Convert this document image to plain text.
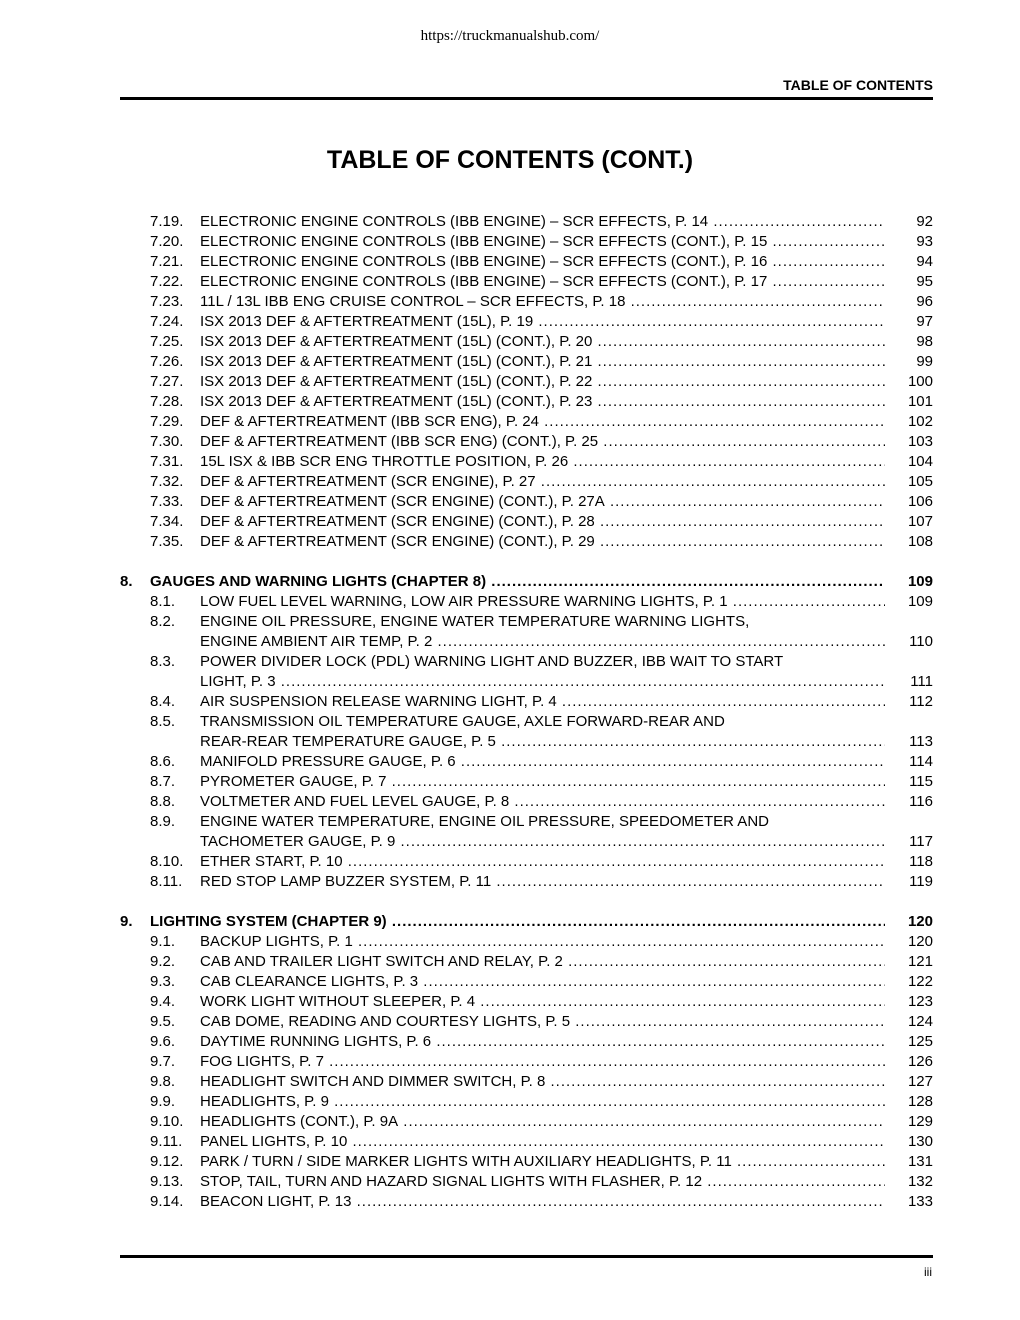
https://truckmanualshub.com/
TABLE OF CONTENTS
TABLE OF CONTENTS (CONT.)
7.19. ELECTRONIC ENGINE CONTROLS (IBB ENGINE) – SCR EFFECTS, P. 14 .....	92
7.20. ELECTRONIC ENGINE CONTROLS (IBB ENGINE) – SCR EFFECTS (CONT.), P. 15 .....	93
7.21. ELECTRONIC ENGINE CONTROLS (IBB ENGINE) – SCR EFFECTS (CONT.), P. 16 .....	94
7.22. ELECTRONIC ENGINE CONTROLS (IBB ENGINE) – SCR EFFECTS (CONT.), P. 17 .....	95
7.23. 11L / 13L IBB ENG CRUISE CONTROL – SCR EFFECTS, P. 18 .....	96
7.24. ISX 2013 DEF & AFTERTREATMENT (15L), P. 19 .....	97
7.25. ISX 2013 DEF & AFTERTREATMENT (15L) (CONT.), P. 20 .....	98
7.26. ISX 2013 DEF & AFTERTREATMENT (15L) (CONT.), P. 21 .....	99
7.27. ISX 2013 DEF & AFTERTREATMENT (15L) (CONT.), P. 22 .....	100
7.28. ISX 2013 DEF & AFTERTREATMENT (15L) (CONT.), P. 23 .....	101
7.29. DEF & AFTERTREATMENT (IBB SCR ENG), P. 24 .....	102
7.30. DEF & AFTERTREATMENT (IBB SCR ENG) (CONT.), P. 25 .....	103
7.31. 15L ISX & IBB SCR ENG THROTTLE POSITION, P. 26 .....	104
7.32. DEF & AFTERTREATMENT (SCR ENGINE), P. 27 .....	105
7.33. DEF & AFTERTREATMENT (SCR ENGINE) (CONT.), P. 27A .....	106
7.34. DEF & AFTERTREATMENT (SCR ENGINE) (CONT.), P. 28 .....	107
7.35. DEF & AFTERTREATMENT (SCR ENGINE) (CONT.), P. 29 .....	108
8. GAUGES AND WARNING LIGHTS (CHAPTER 8) .....	109
8.1. LOW FUEL LEVEL WARNING, LOW AIR PRESSURE WARNING LIGHTS, P. 1 .....	109
8.2. ENGINE OIL PRESSURE, ENGINE WATER TEMPERATURE WARNING LIGHTS,
ENGINE AMBIENT AIR TEMP, P. 2 .....	110
8.3. POWER DIVIDER LOCK (PDL) WARNING LIGHT AND BUZZER, IBB WAIT TO START
LIGHT, P. 3 .....	111
8.4. AIR SUSPENSION RELEASE WARNING LIGHT, P. 4 .....	112
8.5. TRANSMISSION OIL TEMPERATURE GAUGE, AXLE FORWARD-REAR AND
REAR-REAR TEMPERATURE GAUGE, P. 5 .....	113
8.6. MANIFOLD PRESSURE GAUGE, P. 6 .....	114
8.7. PYROMETER GAUGE, P. 7 .....	115
8.8. VOLTMETER AND FUEL LEVEL GAUGE, P. 8 .....	116
8.9. ENGINE WATER TEMPERATURE, ENGINE OIL PRESSURE, SPEEDOMETER AND
TACHOMETER GAUGE, P. 9 .....	117
8.10. ETHER START, P. 10 .....	118
8.11. RED STOP LAMP BUZZER SYSTEM, P. 11 .....	119
9. LIGHTING SYSTEM (CHAPTER 9) .....	120
9.1. BACKUP LIGHTS, P. 1 .....	120
9.2. CAB AND TRAILER LIGHT SWITCH AND RELAY, P. 2 .....	121
9.3. CAB CLEARANCE LIGHTS, P. 3 .....	122
9.4. WORK LIGHT WITHOUT SLEEPER, P. 4 .....	123
9.5. CAB DOME, READING AND COURTESY LIGHTS, P. 5 .....	124
9.6. DAYTIME RUNNING LIGHTS, P. 6 .....	125
9.7. FOG LIGHTS, P. 7 .....	126
9.8. HEADLIGHT SWITCH AND DIMMER SWITCH, P. 8 .....	127
9.9. HEADLIGHTS, P. 9 .....	128
9.10. HEADLIGHTS (CONT.), P. 9A .....	129
9.11. PANEL LIGHTS, P. 10 .....	130
9.12. PARK / TURN / SIDE MARKER LIGHTS WITH AUXILIARY HEADLIGHTS, P. 11 .....	131
9.13. STOP, TAIL, TURN AND HAZARD SIGNAL LIGHTS WITH FLASHER, P. 12 .....	132
9.14. BEACON LIGHT, P. 13 .....	133
iii
